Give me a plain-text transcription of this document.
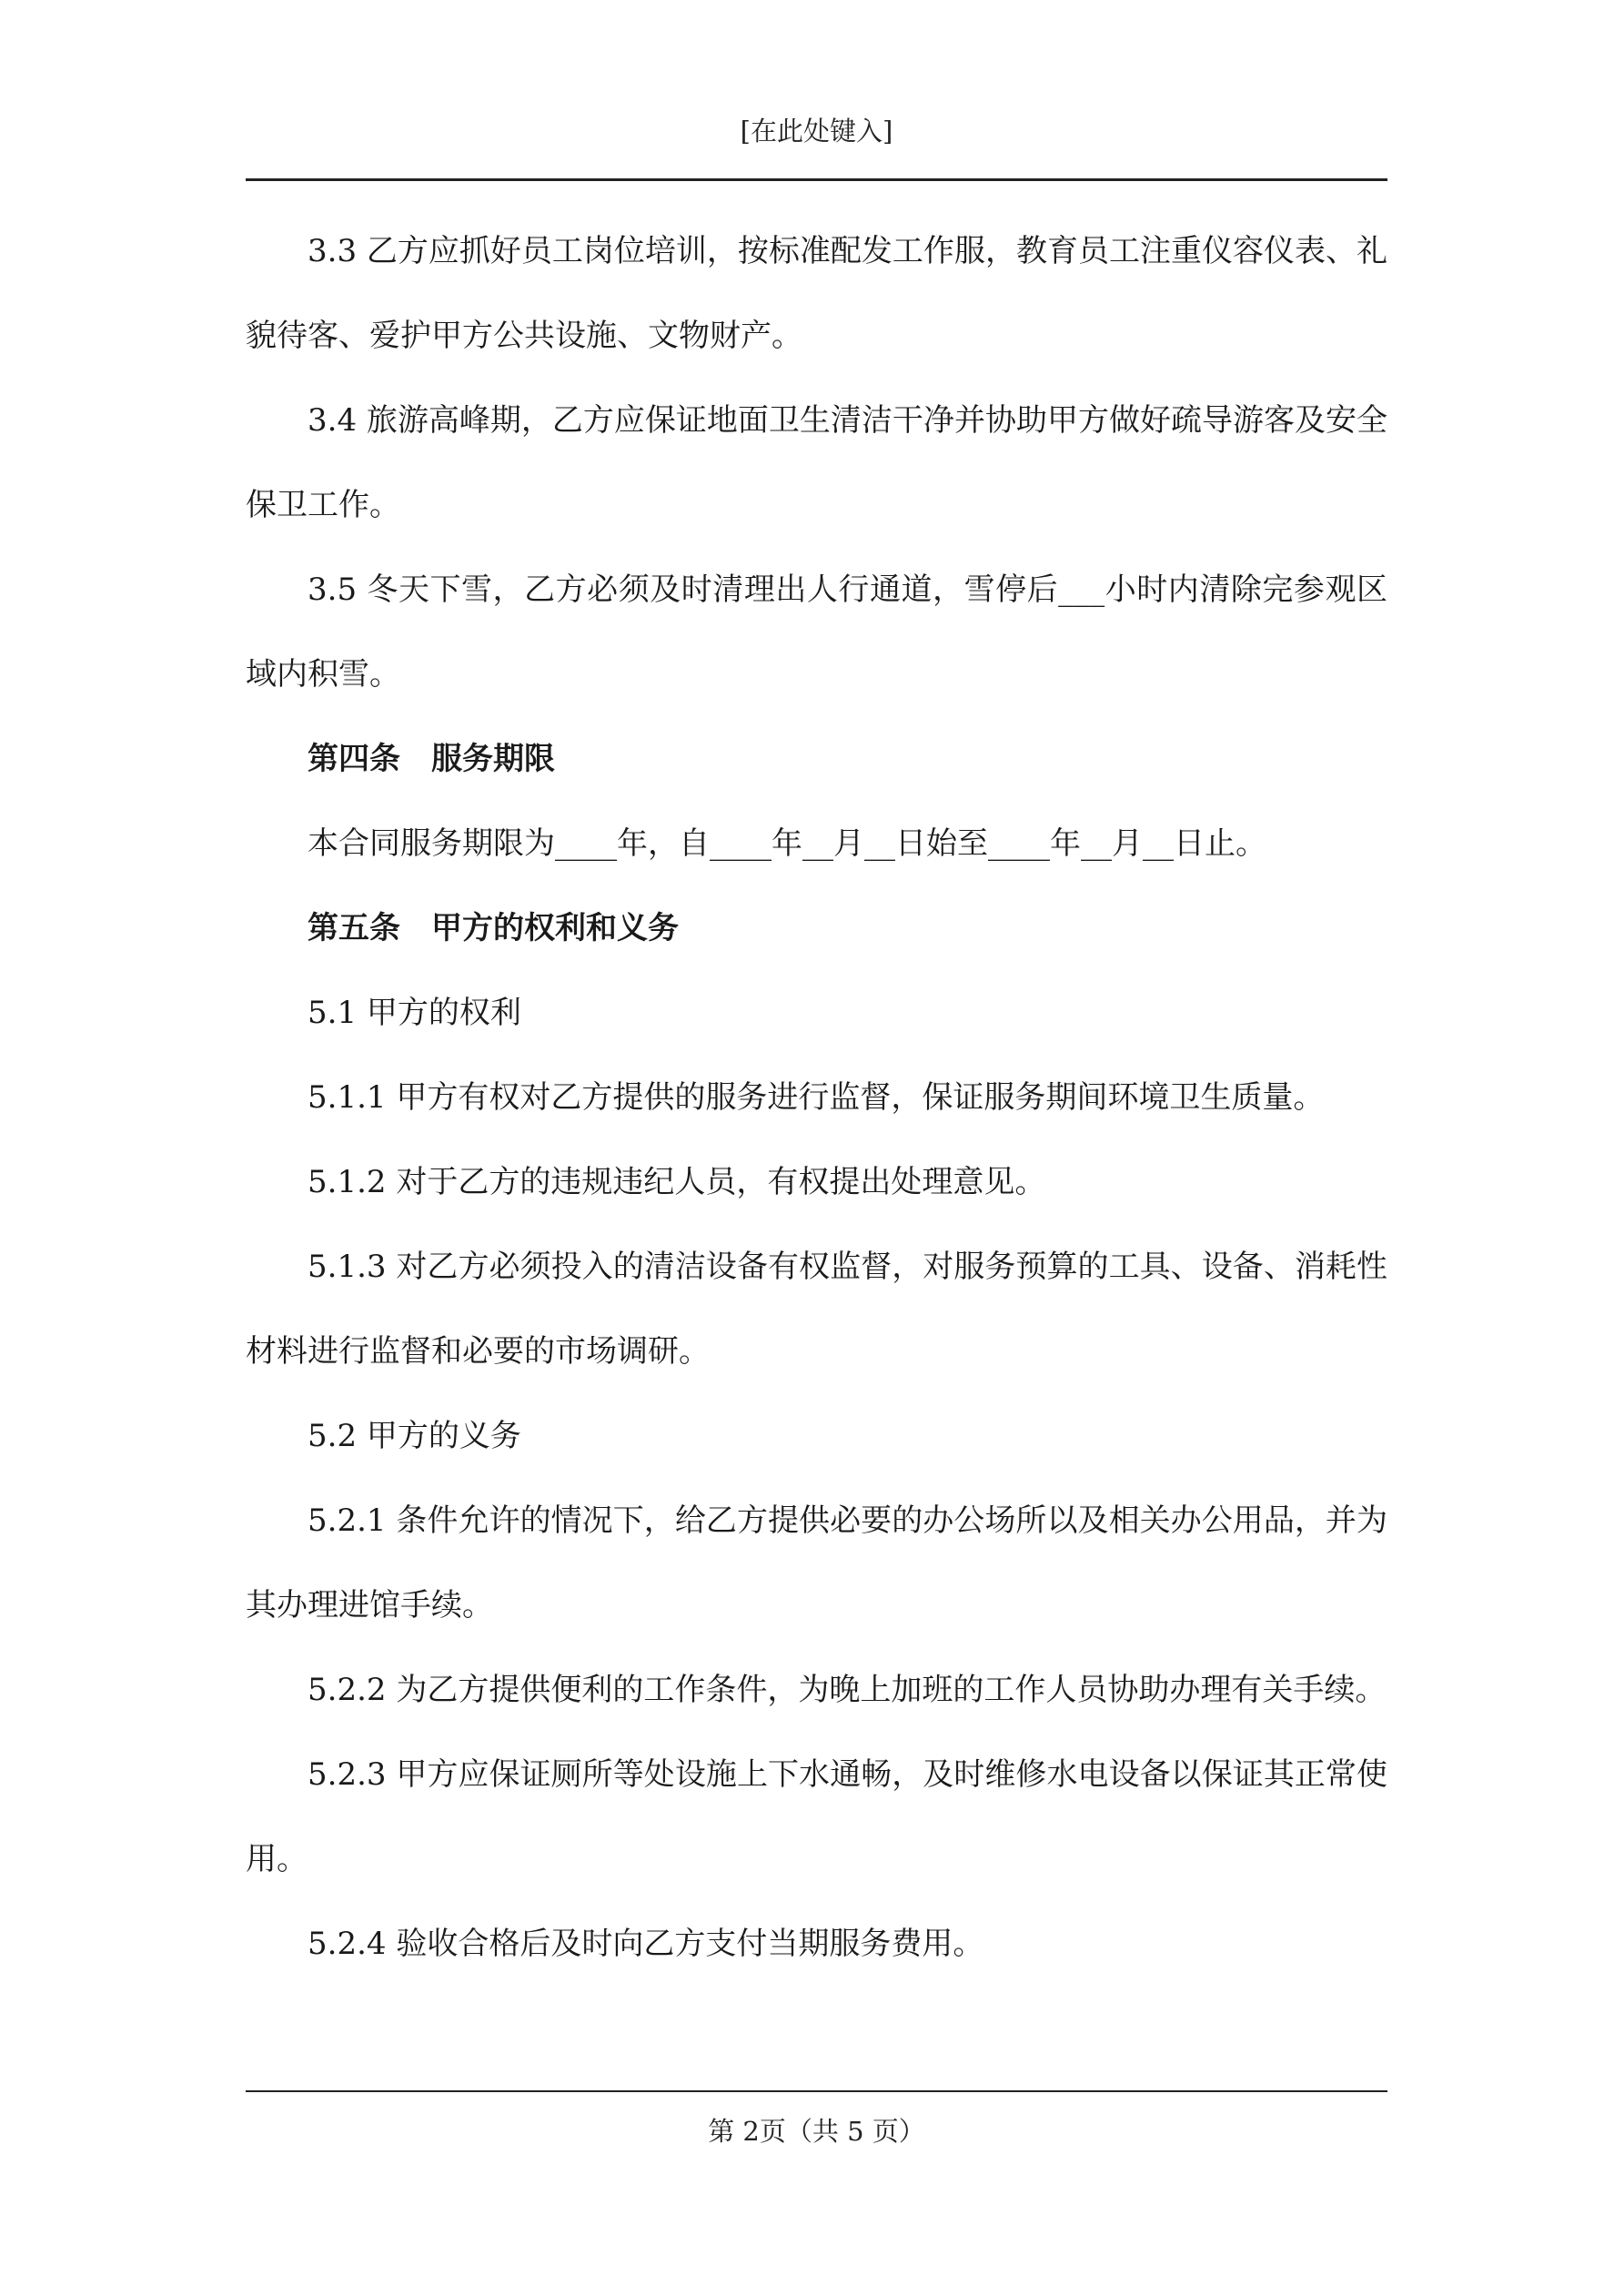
[在此处键入]

3.3 乙方应抓好员工岗位培训，按标准配发工作服，教育员工注重仪容仪表、礼貌待客、爱护甲方公共设施、文物财产。

3.4 旅游高峰期，乙方应保证地面卫生清洁干净并协助甲方做好疏导游客及安全保卫工作。

3.5 冬天下雪，乙方必须及时清理出人行通道，雪停后___小时内清除完参观区域内积雪。

第四条　服务期限

本合同服务期限为____年，自____年__月__日始至____年__月__日止。

第五条　甲方的权利和义务

5.1 甲方的权利

5.1.1 甲方有权对乙方提供的服务进行监督，保证服务期间环境卫生质量。

5.1.2 对于乙方的违规违纪人员，有权提出处理意见。

5.1.3 对乙方必须投入的清洁设备有权监督，对服务预算的工具、设备、消耗性材料进行监督和必要的市场调研。

5.2 甲方的义务

5.2.1 条件允许的情况下，给乙方提供必要的办公场所以及相关办公用品，并为其办理进馆手续。

5.2.2 为乙方提供便利的工作条件，为晚上加班的工作人员协助办理有关手续。

5.2.3 甲方应保证厕所等处设施上下水通畅，及时维修水电设备以保证其正常使用。

5.2.4 验收合格后及时向乙方支付当期服务费用。

第 2页（共 5 页）
